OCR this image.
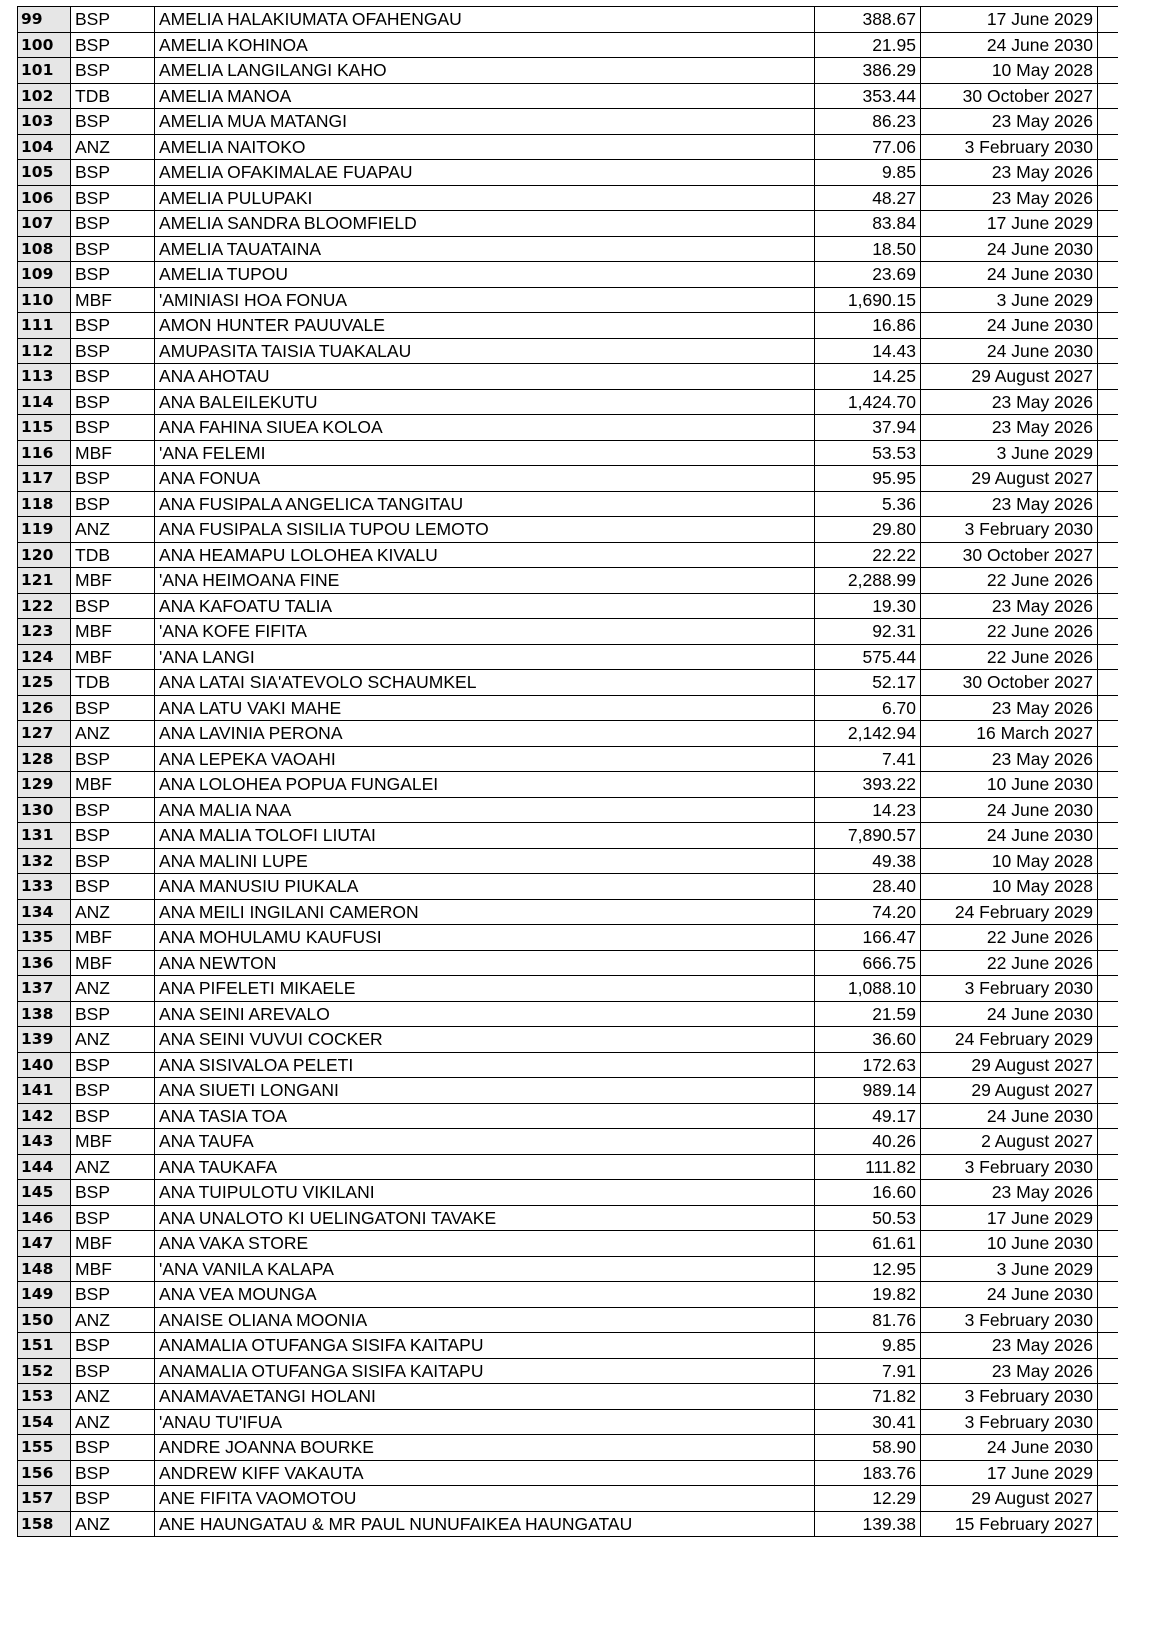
99	BSP	AMELIA HALAKIUMATA OFAHENGAU	388.67	17 June 2029	
100	BSP	AMELIA KOHINOA	21.95	24 June 2030	
101	BSP	AMELIA LANGILANGI KAHO	386.29	10 May 2028	
102	TDB	AMELIA MANOA	353.44	30 October 2027	
103	BSP	AMELIA MUA MATANGI	86.23	23 May 2026	
104	ANZ	AMELIA NAITOKO	77.06	3 February 2030	
105	BSP	AMELIA OFAKIMALAE FUAPAU	9.85	23 May 2026	
106	BSP	AMELIA PULUPAKI	48.27	23 May 2026	
107	BSP	AMELIA SANDRA BLOOMFIELD	83.84	17 June 2029	
108	BSP	AMELIA TAUATAINA	18.50	24 June 2030	
109	BSP	AMELIA TUPOU	23.69	24 June 2030	
110	MBF	'AMINIASI HOA FONUA	1,690.15	3 June 2029	
111	BSP	AMON HUNTER PAUUVALE	16.86	24 June 2030	
112	BSP	AMUPASITA TAISIA TUAKALAU	14.43	24 June 2030	
113	BSP	ANA AHOTAU	14.25	29 August 2027	
114	BSP	ANA BALEILEKUTU	1,424.70	23 May 2026	
115	BSP	ANA FAHINA SIUEA KOLOA	37.94	23 May 2026	
116	MBF	'ANA FELEMI	53.53	3 June 2029	
117	BSP	ANA FONUA	95.95	29 August 2027	
118	BSP	ANA FUSIPALA ANGELICA TANGITAU	5.36	23 May 2026	
119	ANZ	ANA FUSIPALA SISILIA TUPOU LEMOTO	29.80	3 February 2030	
120	TDB	ANA HEAMAPU LOLOHEA KIVALU	22.22	30 October 2027	
121	MBF	'ANA HEIMOANA FINE	2,288.99	22 June 2026	
122	BSP	ANA KAFOATU TALIA	19.30	23 May 2026	
123	MBF	'ANA KOFE FIFITA	92.31	22 June 2026	
124	MBF	'ANA LANGI	575.44	22 June 2026	
125	TDB	ANA LATAI SIA'ATEVOLO SCHAUMKEL	52.17	30 October 2027	
126	BSP	ANA LATU VAKI MAHE	6.70	23 May 2026	
127	ANZ	ANA LAVINIA PERONA	2,142.94	16 March 2027	
128	BSP	ANA LEPEKA VAOAHI	7.41	23 May 2026	
129	MBF	ANA LOLOHEA POPUA FUNGALEI	393.22	10 June 2030	
130	BSP	ANA MALIA NAA	14.23	24 June 2030	
131	BSP	ANA MALIA TOLOFI LIUTAI	7,890.57	24 June 2030	
132	BSP	ANA MALINI LUPE	49.38	10 May 2028	
133	BSP	ANA MANUSIU PIUKALA	28.40	10 May 2028	
134	ANZ	ANA MEILI INGILANI CAMERON	74.20	24 February 2029	
135	MBF	ANA MOHULAMU KAUFUSI	166.47	22 June 2026	
136	MBF	ANA NEWTON	666.75	22 June 2026	
137	ANZ	ANA PIFELETI MIKAELE	1,088.10	3 February 2030	
138	BSP	ANA SEINI AREVALO	21.59	24 June 2030	
139	ANZ	ANA SEINI VUVUI COCKER	36.60	24 February 2029	
140	BSP	ANA SISIVALOA PELETI	172.63	29 August 2027	
141	BSP	ANA SIUETI LONGANI	989.14	29 August 2027	
142	BSP	ANA TASIA TOA	49.17	24 June 2030	
143	MBF	ANA TAUFA	40.26	2 August 2027	
144	ANZ	ANA TAUKAFA	111.82	3 February 2030	
145	BSP	ANA TUIPULOTU VIKILANI	16.60	23 May 2026	
146	BSP	ANA UNALOTO KI UELINGATONI TAVAKE	50.53	17 June 2029	
147	MBF	ANA VAKA STORE	61.61	10 June 2030	
148	MBF	'ANA VANILA KALAPA	12.95	3 June 2029	
149	BSP	ANA VEA MOUNGA	19.82	24 June 2030	
150	ANZ	ANAISE OLIANA MOONIA	81.76	3 February 2030	
151	BSP	ANAMALIA OTUFANGA SISIFA KAITAPU	9.85	23 May 2026	
152	BSP	ANAMALIA OTUFANGA SISIFA KAITAPU	7.91	23 May 2026	
153	ANZ	ANAMAVAETANGI HOLANI	71.82	3 February 2030	
154	ANZ	'ANAU TU'IFUA	30.41	3 February 2030	
155	BSP	ANDRE JOANNA BOURKE	58.90	24 June 2030	
156	BSP	ANDREW KIFF VAKAUTA	183.76	17 June 2029	
157	BSP	ANE FIFITA VAOMOTOU	12.29	29 August 2027	
158	ANZ	ANE HAUNGATAU & MR PAUL NUNUFAIKEA HAUNGATAU	139.38	15 February 2027	
